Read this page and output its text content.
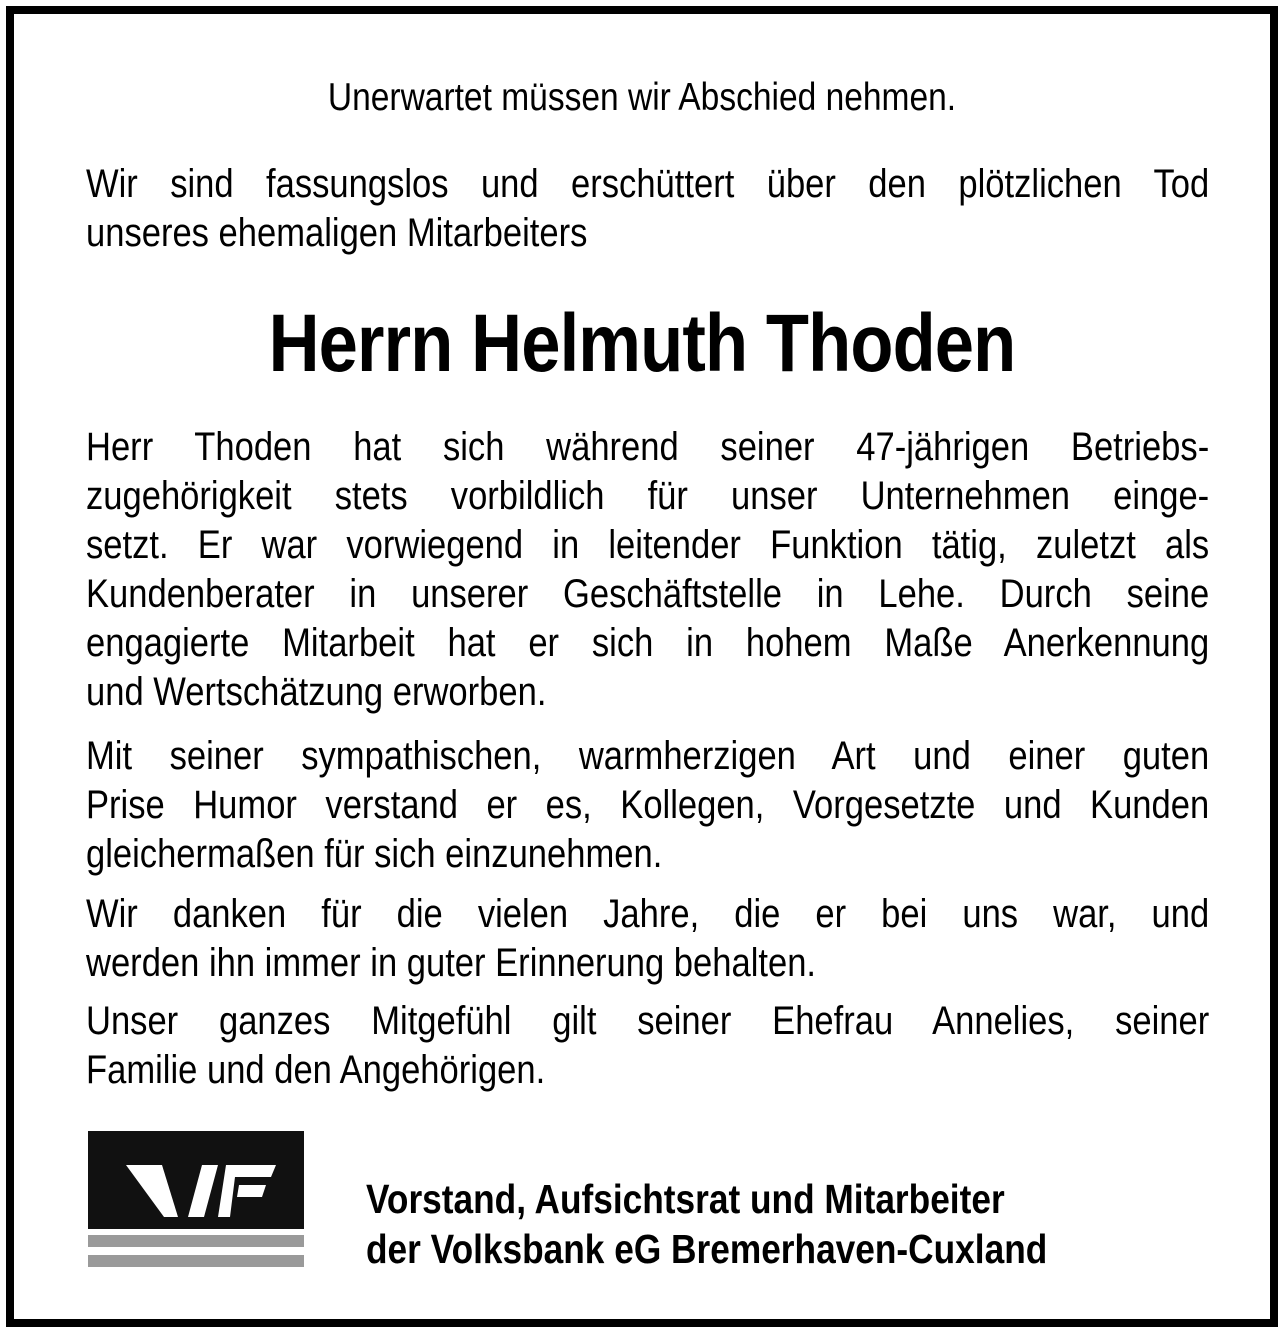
Unerwartet müssen wir Abschied nehmen.
Wir sind fassungslos und erschüttert über den plötzlichen Tod
unseres ehemaligen Mitarbeiters
Herrn Helmuth Thoden
Herr Thoden hat sich während seiner 47-jährigen Betriebs-
zugehörigkeit stets vorbildlich für unser Unternehmen einge-
setzt. Er war vorwiegend in leitender Funktion tätig, zuletzt als
Kundenberater in unserer Geschäftstelle in Lehe. Durch seine
engagierte Mitarbeit hat er sich in hohem Maße Anerkennung
und Wertschätzung erworben.
Mit seiner sympathischen, warmherzigen Art und einer guten
Prise Humor verstand er es, Kollegen, Vorgesetzte und Kunden
gleichermaßen für sich einzunehmen.
Wir danken für die vielen Jahre, die er bei uns war, und
werden ihn immer in guter Erinnerung behalten.
Unser ganzes Mitgefühl gilt seiner Ehefrau Annelies, seiner
Familie und den Angehörigen.
Vorstand, Aufsichtsrat und Mitarbeiter
der Volksbank eG Bremerhaven-Cuxland
